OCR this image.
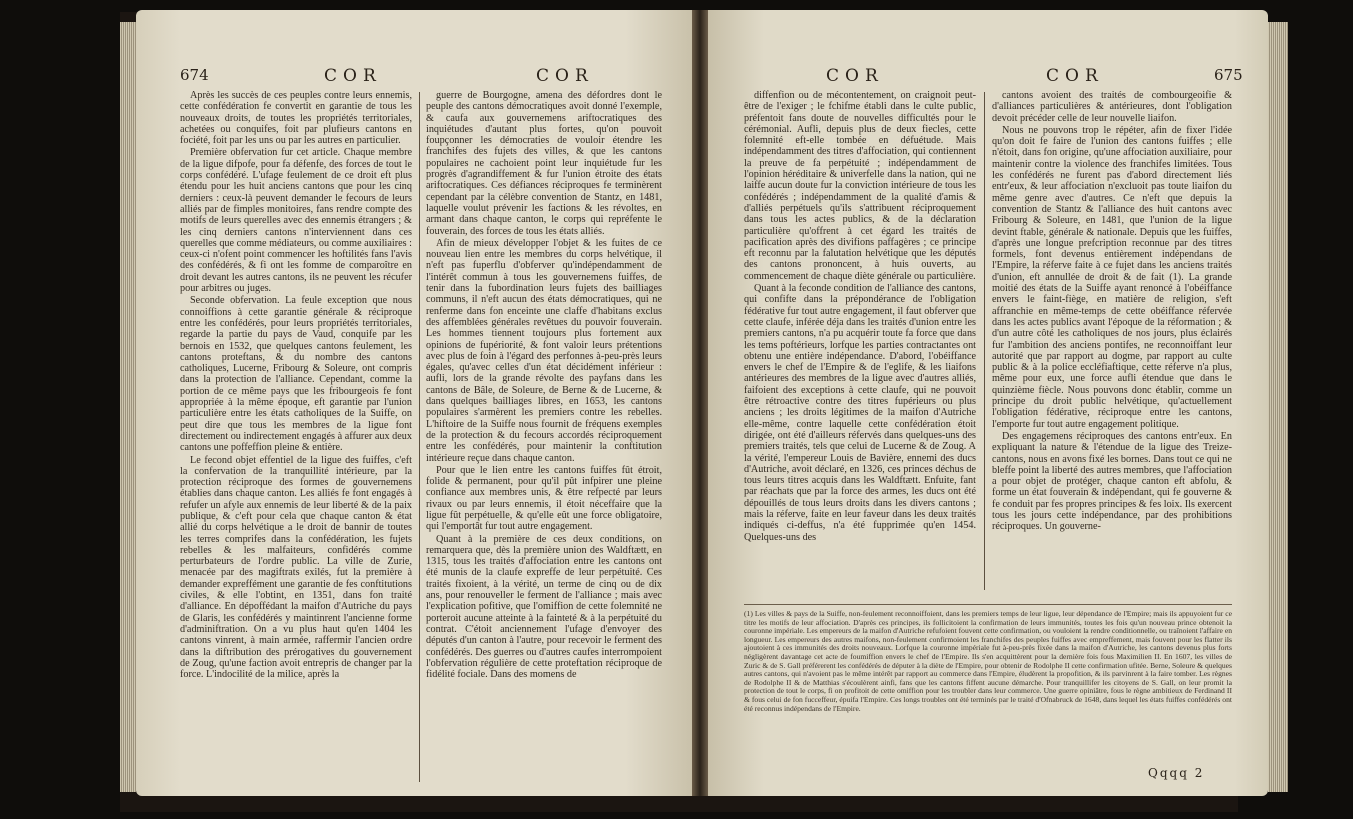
674	COR	COR

Après les succès de ces peuples contre leurs ennemis, cette confédération fe convertit en garantie de tous les nouveaux droits, de toutes les propriétés territoriales, achetées ou conquifes, foit par plufieurs cantons en fociété, foit par les uns ou par les autres en particulier.

Première obfervation fur cet article. Chaque membre de la ligue difpofe, pour fa défenfe, des forces de tout le corps confédéré. L'ufage feulement de ce droit eft plus étendu pour les huit anciens cantons que pour les cinq derniers : ceux-là peuvent demander le fecours de leurs alliés par de fimples monitoires, fans rendre compte des motifs de leurs querelles avec des ennemis étrangers ; & les cinq derniers cantons n'interviennent dans ces querelles que comme médiateurs, ou comme auxiliaires : ceux-ci n'ofent point commencer les hoftilités fans l'avis des confédérés, & fi ont les fomme de comparoître en droit devant les autres cantons, ils ne peuvent les récufer pour arbitres ou juges.

Seconde obfervation. La feule exception que nous connoiffions à cette garantie générale & réciproque entre les confédérés, pour leurs propriétés territoriales, regarde la partie du pays de Vaud, conquife par les bernois en 1532, que quelques cantons feulement, les cantons proteftans, & du nombre des cantons catholiques, Lucerne, Fribourg & Soleure, ont compris dans la protection de l'alliance. Cependant, comme la portion de ce même pays que les fribourgeois fe font appropriée à la même époque, eft garantie par l'union particulière entre les états catholiques de la Suiffe, on peut dire que tous les membres de la ligue font directement ou indirectement engagés à affurer aux deux cantons une poffeffion pleine & entière.

Le fecond objet effentiel de la ligue des fuiffes, c'eft la confervation de la tranquillité intérieure, par la protection réciproque des formes de gouvernemens établies dans chaque canton. Les alliés fe font engagés à refufer un afyle aux ennemis de leur liberté & de la paix publique, & c'eft pour cela que chaque canton & état allié du corps helvétique a le droit de bannir de toutes les terres comprifes dans la confédération, les fujets rebelles & les malfaiteurs, confidérés comme perturbateurs de l'ordre public. La ville de Zurie, menacée par des magiftrats exilés, fut la première à demander expreffément une garantie de fes conftitutions civiles, & elle l'obtint, en 1351, dans fon traité d'alliance. En dépoffédant la maifon d'Autriche du pays de Glaris, les confédérés y maintinrent l'ancienne forme d'adminiftration. On a vu plus haut qu'en 1404 les cantons vinrent, à main armée, raffermir l'ancien ordre dans la diftribution des prérogatives du gouvernement de Zoug, qu'une faction avoit entrepris de changer par la force. L'indocilité de la milice, après la

guerre de Bourgogne, amena des défordres dont le peuple des cantons démocratiques avoit donné l'exemple, & caufa aux gouvernemens ariftocratiques des inquiétudes d'autant plus fortes, qu'on pouvoit foupçonner les démocraties de vouloir étendre les franchifes des fujets des villes, & que les cantons populaires ne cachoient point leur inquiétude fur les progrès d'agrandiffement & fur l'union étroite des états ariftocratiques. Ces défiances réciproques fe terminèrent cependant par la célèbre convention de Stantz, en 1481, laquelle voulut prévenir les factions & les révoltes, en armant dans chaque canton, le corps qui repréfente le fouverain, des forces de tous les états alliés.

Afin de mieux développer l'objet & les fuites de ce nouveau lien entre les membres du corps helvétique, il n'eft pas fuperflu d'obferver qu'indépendamment de l'intérêt commun à tous les gouvernemens fuiffes, de tenir dans la fubordination leurs fujets des bailliages communs, il n'eft aucun des états démocratiques, qui ne renferme dans fon enceinte une claffe d'habitans exclus des affemblées générales revêtues du pouvoir fouverain. Les hommes tiennent toujours plus fortement aux opinions de fupériorité, & font valoir leurs prétentions avec plus de foin à l'égard des perfonnes à-peu-près leurs égales, qu'avec celles d'un état décidément inférieur : aufli, lors de la grande révolte des payfans dans les cantons de Bâle, de Soleure, de Berne & de Lucerne, & dans quelques bailliages libres, en 1653, les cantons populaires s'armèrent les premiers contre les rebelles. L'hiftoire de la Suiffe nous fournit de fréquens exemples de la protection & du fecours accordés réciproquement entre les confédérés, pour maintenir la conftitution intérieure reçue dans chaque canton.

Pour que le lien entre les cantons fuiffes fût étroit, folide & permanent, pour qu'il pût infpirer une pleine confiance aux membres unis, & être refpecté par leurs rivaux ou par leurs ennemis, il étoit néceffaire que la ligue fût perpétuelle, & qu'elle eût une force obligatoire, qui l'emportât fur tout autre engagement.

Quant à la première de ces deux conditions, on remarquera que, dès la première union des Waldftætt, en 1315, tous les traités d'affociation entre les cantons ont été munis de la claufe expreffe de leur perpétuité. Ces traités fixoient, à la vérité, un terme de cinq ou de dix ans, pour renouveller le ferment de l'alliance ; mais avec l'explication pofitive, que l'omiffion de cette folemnité ne porteroit aucune atteinte à la fainteté & à la perpétuité du contrat. C'étoit anciennement l'ufage d'envoyer des députés d'un canton à l'autre, pour recevoir le ferment des confédérés. Des guerres ou d'autres caufes interrompoient l'obfervation régulière de cette proteftation réciproque de fidélité fociale. Dans des momens de

COR	COR	675

diffenfion ou de mécontentement, on craignoit peut-être de l'exiger ; le fchifme établi dans le culte public, préfentoit fans doute de nouvelles difficultés pour le cérémonial. Aufli, depuis plus de deux fiecles, cette folemnité eft-elle tombée en défuétude. Mais indépendamment des titres d'affociation, qui contiennent la preuve de fa perpétuité ; indépendamment de l'opinion héréditaire & univerfelle dans la nation, qui ne laiffe aucun doute fur la conviction intérieure de tous les confédérés ; indépendamment de la qualité d'amis & d'alliés perpétuels qu'ils s'attribuent réciproquement dans tous les actes publics, & de la déclaration particulière qu'offrent à cet égard les traités de pacification après des divifions paffagères ; ce principe eft reconnu par la falutation helvétique que les députés des cantons prononcent, à huis ouverts, au commencement de chaque diète générale ou particulière.

Quant à la feconde condition de l'alliance des cantons, qui confifte dans la prépondérance de l'obligation fédérative fur tout autre engagement, il faut obferver que cette claufe, inférée déja dans les traités d'union entre les premiers cantons, n'a pu acquérir toute fa force que dans les tems poftérieurs, lorfque les parties contractantes ont obtenu une entière indépendance. D'abord, l'obéiffance envers le chef de l'Empire & de l'eglife, & les liaifons antérieures des membres de la ligue avec d'autres alliés, faifoient des exceptions à cette claufe, qui ne pouvoit être rétroactive contre des titres fupérieurs ou plus anciens ; les droits légitimes de la maifon d'Autriche elle-même, contre laquelle cette confédération étoit dirigée, ont été d'ailleurs réfervés dans quelques-uns des premiers traités, tels que celui de Lucerne & de Zoug. A la vérité, l'empereur Louis de Bavière, ennemi des ducs d'Autriche, avoit déclaré, en 1326, ces princes déchus de tous leurs titres acquis dans les Waldftætt. Enfuite, fant par réachats que par la force des armes, les ducs ont été dépouillés de tous leurs droits dans les divers cantons ; mais la réferve, faite en leur faveur dans les deux traités indiqués ci-deffus, n'a été fupprimée qu'en 1454. Quelques-uns des

cantons avoient des traités de combourgeoifie & d'alliances particulières & antérieures, dont l'obligation devoit précéder celle de leur nouvelle liaifon.

Nous ne pouvons trop le répéter, afin de fixer l'idée qu'on doit fe faire de l'union des cantons fuiffes ; elle n'étoit, dans fon origine, qu'une affociation auxiliaire, pour maintenir contre la violence des franchifes limitées. Tous les confédérés ne furent pas d'abord directement liés entr'eux, & leur affociation n'excluoit pas toute liaifon du même genre avec d'autres. Ce n'eft que depuis la convention de Stantz & l'alliance des huit cantons avec Fribourg & Soleure, en 1481, que l'union de la ligue devint ftable, générale & nationale. Depuis que les fuiffes, d'après une longue prefcription reconnue par des titres formels, font devenus entièrement indépendans de l'Empire, la réferve faite à ce fujet dans les anciens traités d'union, eft annullée de droit & de fait (1). La grande moitié des états de la Suiffe ayant renoncé à l'obéiffance envers le faint-fiège, en matière de religion, s'eft affranchie en même-temps de cette obéiffance réfervée dans les actes publics avant l'époque de la réformation ; & d'un autre côté les catholiques de nos jours, plus éclairés fur l'ambition des anciens pontifes, ne reconnoiffant leur autorité que par rapport au dogme, par rapport au culte public & à la police eccléfiaftique, cette réferve n'a plus, même pour eux, une force aufli étendue que dans le quinzième fiècle. Nous pouvons donc établir, comme un principe du droit public helvétique, qu'actuellement l'obligation fédérative, réciproque entre les cantons, l'emporte fur tout autre engagement politique.

Des engagemens réciproques des cantons entr'eux. En expliquant la nature & l'étendue de la ligue des Treize-cantons, nous en avons fixé les bornes. Dans tout ce qui ne bleffe point la liberté des autres membres, que l'affociation a pour objet de protéger, chaque canton eft abfolu, & forme un état fouverain & indépendant, qui fe gouverne & fe conduit par fes propres principes & fes loix. Ils exercent tous les jours cette indépendance, par des prohibitions réciproques. Un gouverne-

(1) Les villes & pays de la Suiffe, non-feulement reconnoiffoient, dans les premiers temps de leur ligue, leur dépendance de l'Empire; mais ils appuyoient fur ce titre les motifs de leur affociation. D'après ces principes, ils follicitoient la confirmation de leurs immunités, toutes les fois qu'un nouveau prince obtenoit la couronne impériale. Les empereurs de la maifon d'Autriche refufoient fouvent cette confirmation, ou vouloient la rendre conditionnelle, ou traînoient l'affaire en longueur. Les empereurs des autres maifons, non-feulement confirmoient les franchifes des peuples fuiffes avec empreffement, mais fouvent pour les flatter ils ajoutoient à ces immunités des droits nouveaux. Lorfque la couronne impériale fut à-peu-près fixée dans la maifon d'Autriche, les cantons devenus plus forts négligèrent davantage cet acte de foumiffion envers le chef de l'Empire. Ils s'en acquittèrent pour la dernière fois fous Maximilien II. En 1607, les villes de Zuric & de S. Gall préférerent les confédérés de députer à la diète de l'Empire, pour obtenir de Rodolphe II cette confirmation ufitée. Berne, Soleure & quelques autres cantons, qui n'avoient pas le même intérêt par rapport au commerce dans l'Empire, éludèrent la propofition, & ils parvinrent à la faire tomber. Les règnes de Rodolphe II & de Matthias s'écoulèrent ainfi, fans que les cantons fiffent aucune démarche. Pour tranquillifer les citoyens de S. Gall, on leur promit la protection de tout le corps, fi on profitoit de cette omiffion pour les troubler dans leur commerce. Une guerre opiniâtre, fous le règne ambitieux de Ferdinand II & fous celui de fon fucceffeur, épuifa l'Empire. Ces longs troubles ont été terminés par le traité d'Ofnabruck de 1648, dans lequel les états fuiffes confédérés ont été reconnus indépendans de l'Empire.
Qqqq 2
